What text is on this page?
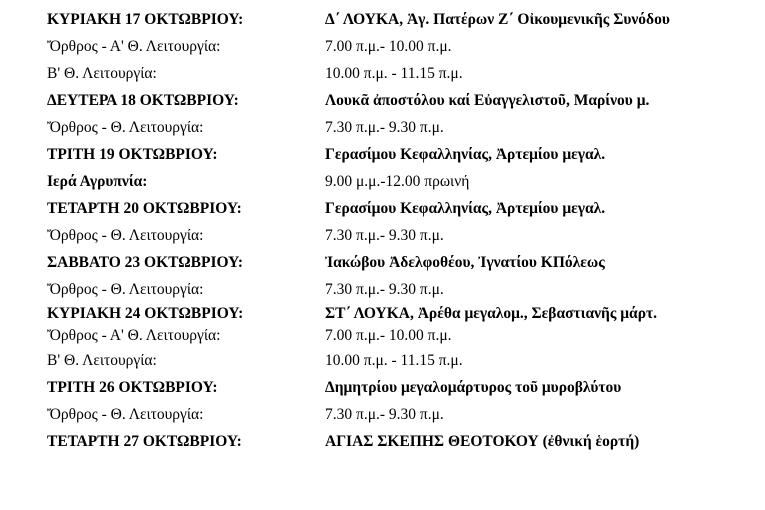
ΚΥΡΙΑΚΗ 17 ΟΚΤΩΒΡΙΟΥ:	Δ΄ ΛΟΥΚΑ, Ἁγ. Πατέρων Ζ΄ Οἰκουμενικῆς Συνόδου
Ὄρθρος - Α' Θ. Λειτουργία:	7.00 π.μ.- 10.00 π.μ.
Β' Θ. Λειτουργία:	10.00 π.μ. - 11.15 π.μ.
ΔΕΥΤΕΡΑ 18 ΟΚΤΩΒΡΙΟΥ:	Λουκᾶ ἀποστόλου καί Εὐαγγελιστοῦ, Μαρίνου μ.
Ὄρθρος - Θ. Λειτουργία:	7.30 π.μ.- 9.30 π.μ.
ΤΡΙΤΗ 19 ΟΚΤΩΒΡΙΟΥ:	Γερασίμου Κεφαλληνίας, Ἀρτεμίου μεγαλ.
Ιερά Αγρυπνία:	9.00 μ.μ.-12.00 πρωινή
ΤΕΤΑΡΤΗ 20 ΟΚΤΩΒΡΙΟΥ:	Γερασίμου Κεφαλληνίας, Ἀρτεμίου μεγαλ.
Ὄρθρος - Θ. Λειτουργία:	7.30 π.μ.- 9.30 π.μ.
ΣΑΒΒΑΤΟ 23 ΟΚΤΩΒΡΙΟΥ:	Ἰακώβου Ἀδελφοθέου, Ἰγνατίου ΚΠόλεως
Ὄρθρος - Θ. Λειτουργία:	7.30 π.μ.- 9.30 π.μ.
ΚΥΡΙΑΚΗ 24 ΟΚΤΩΒΡΙΟΥ:	ΣΤ΄ ΛΟΥΚΑ, Ἀρέθα μεγαλομ., Σεβαστιανῆς μάρτ.
Ὄρθρος - Α' Θ. Λειτουργία:	7.00 π.μ.- 10.00 π.μ.
Β' Θ. Λειτουργία:	10.00 π.μ. - 11.15 π.μ.
ΤΡΙΤΗ 26 ΟΚΤΩΒΡΙΟΥ:	Δημητρίου μεγαλομάρτυρος τοῦ μυροβλύτου
Ὄρθρος - Θ. Λειτουργία:	7.30 π.μ.- 9.30 π.μ.
ΤΕΤΑΡΤΗ 27 ΟΚΤΩΒΡΙΟΥ:	ΑΓΙΑΣ ΣΚΕΠΗΣ ΘΕΟΤΟΚΟΥ (ἐθνική ἑορτή)
